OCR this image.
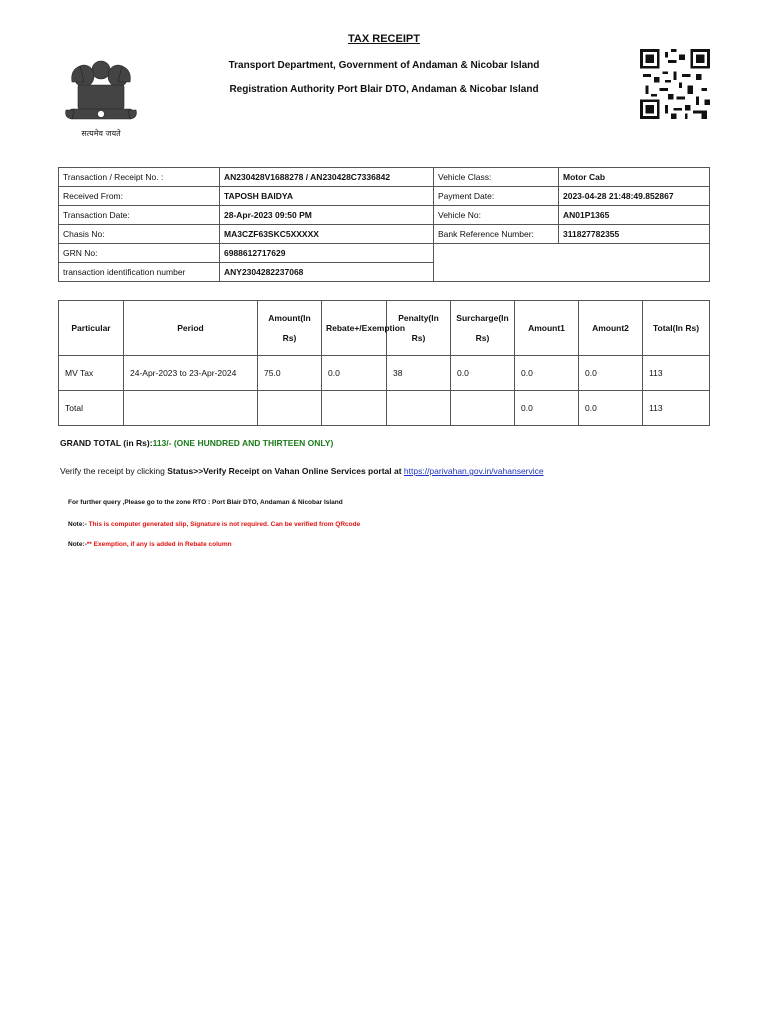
TAX RECEIPT
Transport Department, Government of Andaman & Nicobar Island
Registration Authority Port Blair DTO, Andaman & Nicobar Island
सत्यमेव जयते
Transaction / Receipt No. :	AN230428V1688278 / AN230428C7336842	Vehicle Class:	Motor Cab
Received From:	TAPOSH BAIDYA	Payment Date:	2023-04-28 21:48:49.852867
Transaction Date:	28-Apr-2023 09:50 PM	Vehicle No:	AN01P1365
Chasis No:	MA3CZF63SKC5XXXXX	Bank Reference Number:	311827782355
GRN No:	6988612717629		
transaction identification number	ANY2304282237068		
Particular	Period	Amount(In Rs)	Rebate+/Exemption	Penalty(In Rs)	Surcharge(In Rs)	Amount1	Amount2	Total(In Rs)
MV Tax	24-Apr-2023 to 23-Apr-2024	75.0	0.0	38	0.0	0.0	0.0	113
Total						0.0	0.0	113
GRAND TOTAL (in Rs):113/- (ONE HUNDRED AND THIRTEEN ONLY)
Verify the receipt by clicking Status>>Verify Receipt on Vahan Online Services portal at https://parivahan.gov.in/vahanservice
For further query ,Please go to the zone RTO : Port Blair DTO, Andaman & Nicobar Island
Note:- This is computer generated slip, Signature is not required. Can be verified from QRcode
Note:-** Exemption, if any is added in Rebate column
